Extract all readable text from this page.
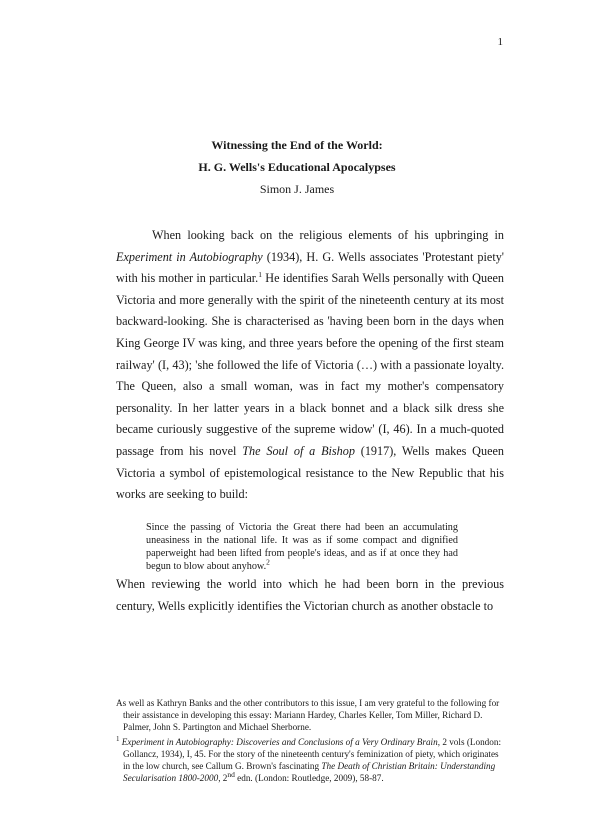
1
Witnessing the End of the World:
H. G. Wells's Educational Apocalypses
Simon J. James

When looking back on the religious elements of his upbringing in Experiment in Autobiography (1934), H. G. Wells associates 'Protestant piety' with his mother in particular.$^1$ He identifies Sarah Wells personally with Queen Victoria and more generally with the spirit of the nineteenth century at its most backward-looking. She is characterised as 'having been born in the days when King George IV was king, and three years before the opening of the first steam railway' (I, 43); 'she followed the life of Victoria (…) with a passionate loyalty. The Queen, also a small woman, was in fact my mother's compensatory personality. In her latter years in a black bonnet and a black silk dress she became curiously suggestive of the supreme widow' (I, 46). In a much-quoted passage from his novel The Soul of a Bishop (1917), Wells makes Queen Victoria a symbol of epistemological resistance to the New Republic that his works are seeking to build:

Since the passing of Victoria the Great there had been an accumulating uneasiness in the national life. It was as if some compact and dignified paperweight had been lifted from people's ideas, and as if at once they had begun to blow about anyhow.$^2$

When reviewing the world into which he had been born in the previous century, Wells explicitly identifies the Victorian church as another obstacle to

As well as Kathryn Banks and the other contributors to this issue, I am very grateful to the following for their assistance in developing this essay: Mariann Hardey, Charles Keller, Tom Miller, Richard D. Palmer, John S. Partington and Michael Sherborne.

$^1$ Experiment in Autobiography: Discoveries and Conclusions of a Very Ordinary Brain, 2 vols (London: Gollancz, 1934), I, 45. For the story of the nineteenth century's feminization of piety, which originates in the low church, see Callum G. Brown's fascinating The Death of Christian Britain: Understanding Secularisation 1800-2000, 2nd edn. (London: Routledge, 2009), 58-87.
